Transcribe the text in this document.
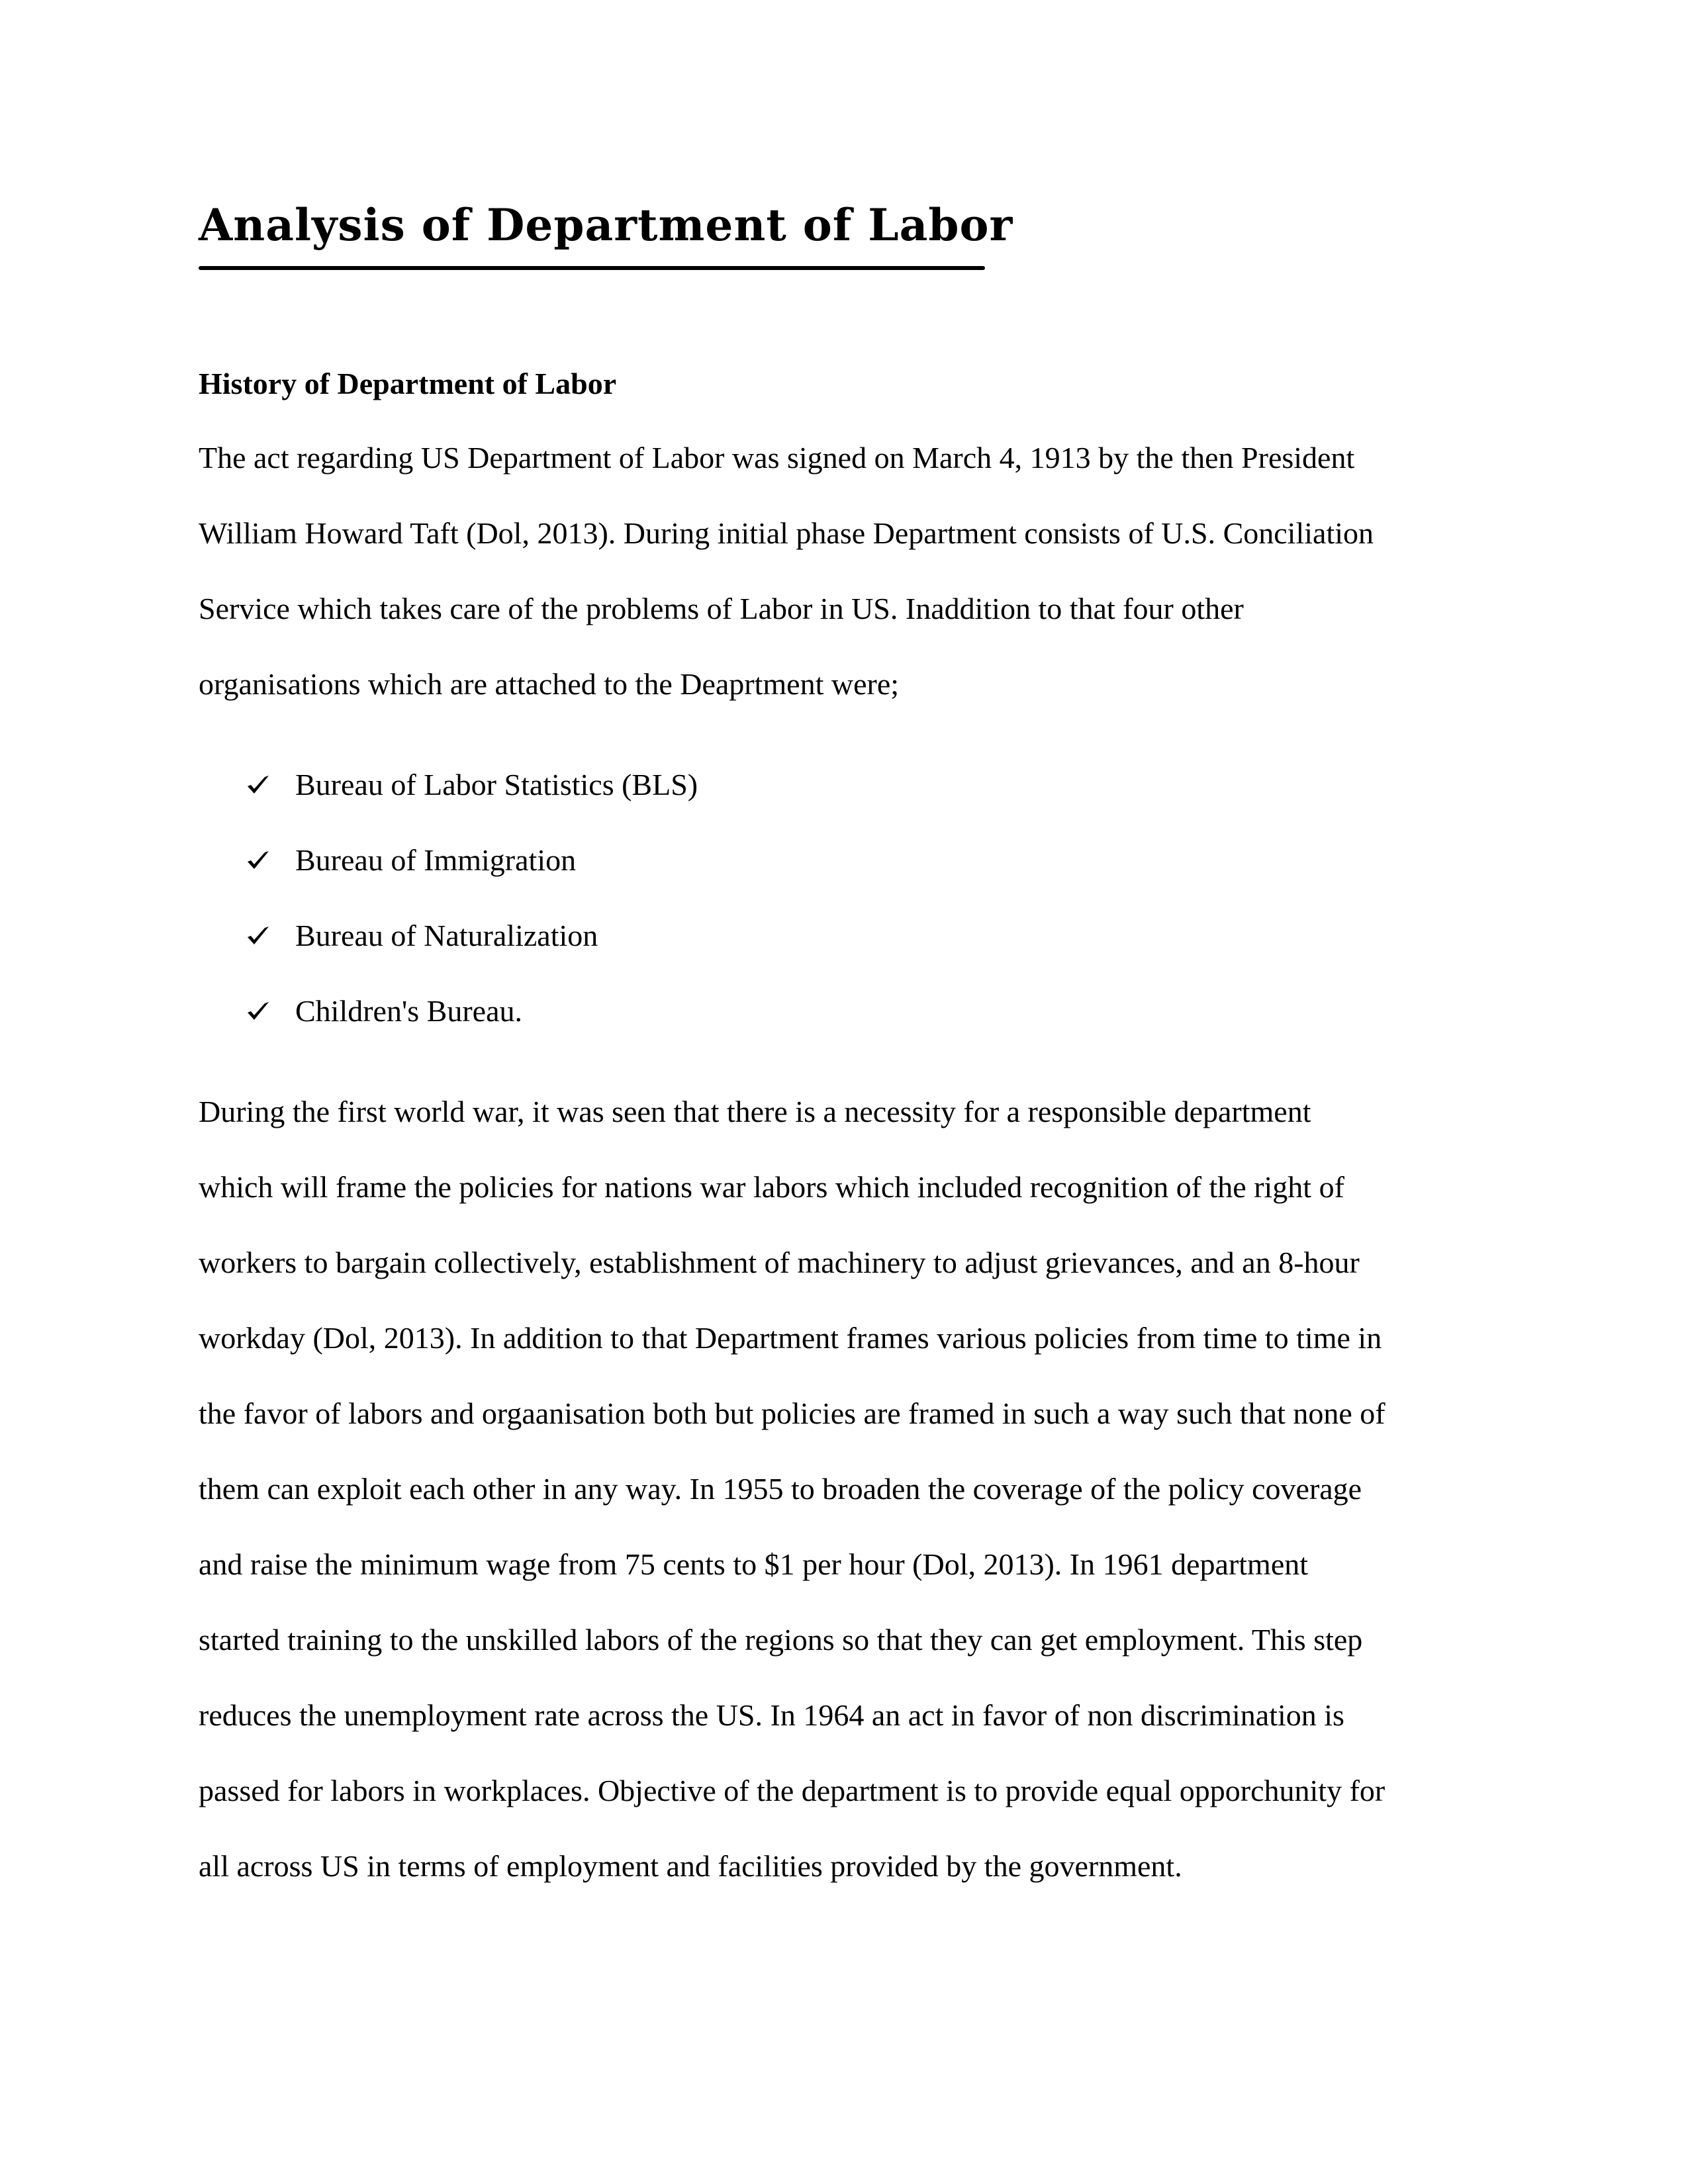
Analysis of Department of Labor
History of Department of Labor

The act regarding US Department of Labor was signed on March 4, 1913 by the then President

William Howard Taft (Dol, 2013). During initial phase Department consists of U.S. Conciliation

Service which takes care of the problems of Labor in US. Inaddition to that four other

organisations which are attached to the Deaprtment were;

Bureau of Labor Statistics (BLS)
Bureau of Immigration
Bureau of Naturalization
Children's Bureau.

During the first world war, it was seen that there is a necessity for a responsible department

which will frame the policies for nations war labors which included recognition of the right of

workers to bargain collectively, establishment of machinery to adjust grievances, and an 8-hour

workday (Dol, 2013). In addition to that Department frames various policies from time to time in

the favor of labors and orgaanisation both but policies are framed in such a way such that none of

them can exploit each other in any way. In 1955 to broaden the coverage of the policy coverage

and raise the minimum wage from 75 cents to $1 per hour (Dol, 2013). In 1961 department

started training to the unskilled labors of the regions so that they can get employment. This step

reduces the unemployment rate across the US. In 1964 an act in favor of non discrimination is

passed for labors in workplaces. Objective of the department is to provide equal opporchunity for

all across US in terms of employment and facilities provided by the government.
